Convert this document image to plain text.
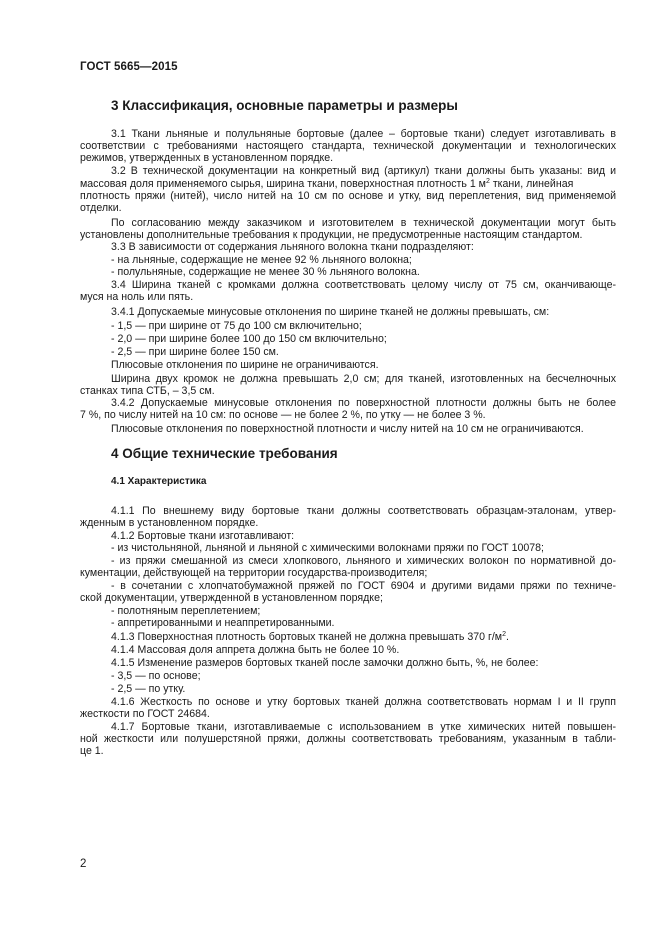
ГОСТ 5665—2015
3 Классификация, основные параметры и размеры
3.1 Ткани льняные и полульняные бортовые (далее – бортовые ткани) следует изготавливать в
соответствии с требованиями настоящего стандарта, технической документации и технологических
режимов, утвержденных в установленном порядке.
3.2 В технической документации на конкретный вид (артикул) ткани должны быть указаны: вид и
массовая доля применяемого сырья, ширина ткани, поверхностная плотность 1 $м^2$ ткани, линейная
плотность пряжи (нитей), число нитей на 10 см по основе и утку, вид переплетения, вид применяемой
отделки.
По согласованию между заказчиком и изготовителем в технической документации могут быть
установлены дополнительные требования к продукции, не предусмотренные настоящим стандартом.
3.3 В зависимости от содержания льняного волокна ткани подразделяют:
- на льняные, содержащие не менее 92 % льняного волокна;
- полульняные, содержащие не менее 30 % льняного волокна.
3.4 Ширина тканей с кромками должна соответствовать целому числу от 75 см, оканчивающе-
муся на ноль или пять.
3.4.1 Допускаемые минусовые отклонения по ширине тканей не должны превышать, см:
- 1,5 — при ширине от 75 до 100 см включительно;
- 2,0 — при ширине более 100 до 150 см включительно;
- 2,5 — при ширине более 150 см.
Плюсовые отклонения по ширине не ограничиваются.
Ширина двух кромок не должна превышать 2,0 см; для тканей, изготовленных на бесчелночных
станках типа СТБ, – 3,5 см.
3.4.2 Допускаемые минусовые отклонения по поверхностной плотности должны быть не более
7 %, по числу нитей на 10 см: по основе — не более 2 %, по утку — не более 3 %.
Плюсовые отклонения по поверхностной плотности и числу нитей на 10 см не ограничиваются.
4 Общие технические требования
4.1 Характеристика
4.1.1 По внешнему виду бортовые ткани должны соответствовать образцам-эталонам, утвер-
жденным в установленном порядке.
4.1.2 Бортовые ткани изготавливают:
- из чистольняной, льняной и льняной с химическими волокнами пряжи по ГОСТ 10078;
- из пряжи смешанной из смеси хлопкового, льняного и химических волокон по нормативной до-
кументации, действующей на территории государства-производителя;
- в сочетании с хлопчатобумажной пряжей по ГОСТ 6904 и другими видами пряжи по техниче-
ской документации, утвержденной в установленном порядке;
- полотняным переплетением;
- аппретированными и неаппретированными.
4.1.3 Поверхностная плотность бортовых тканей не должна превышать 370 $г/м^2$.
4.1.4 Массовая доля аппрета должна быть не более 10 %.
4.1.5 Изменение размеров бортовых тканей после замочки должно быть, %, не более:
- 3,5 — по основе;
- 2,5 — по утку.
4.1.6 Жесткость по основе и утку бортовых тканей должна соответствовать нормам I и II групп
жесткости по ГОСТ 24684.
4.1.7 Бортовые ткани, изготавливаемые с использованием в утке химических нитей повышен-
ной жесткости или полушерстяной пряжи, должны соответствовать требованиям, указанным в табли-
це 1.
2
